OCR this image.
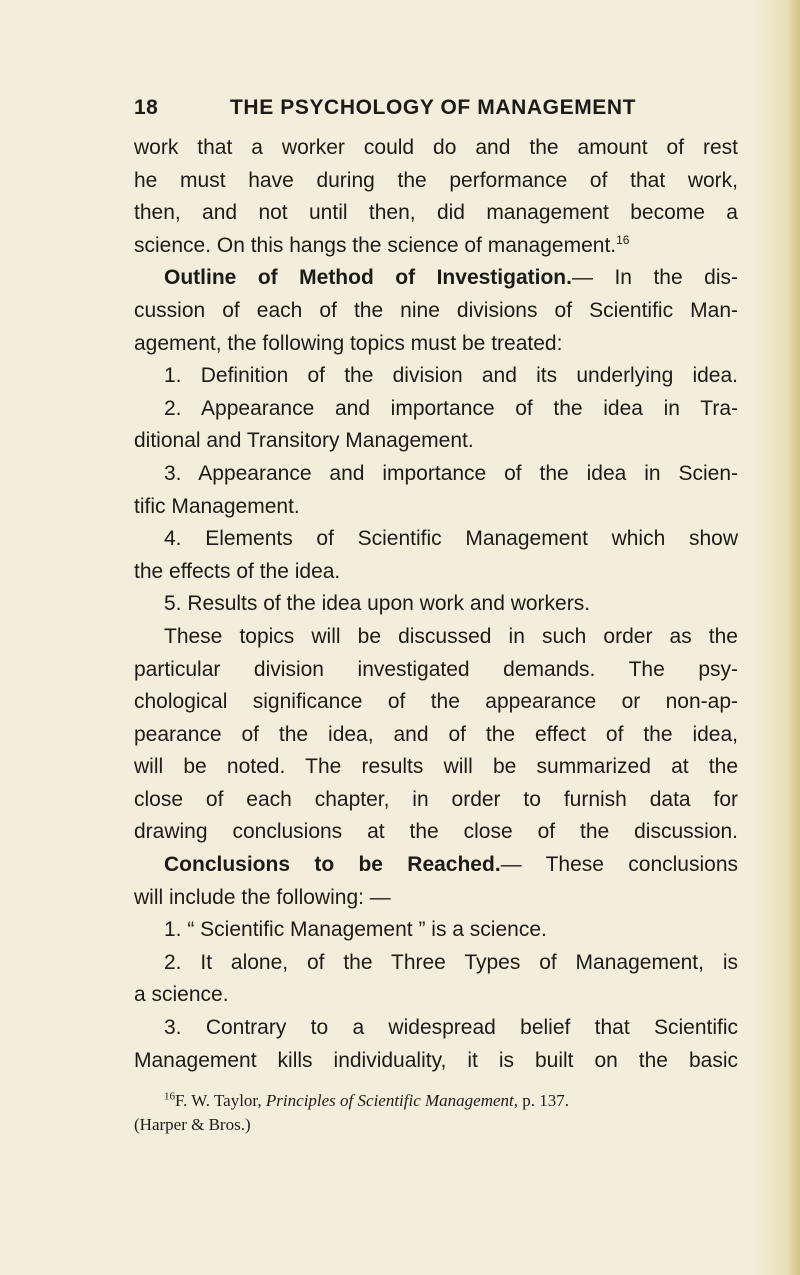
18	THE PSYCHOLOGY OF MANAGEMENT
work that a worker could do and the amount of rest
he must have during the performance of that work,
then, and not until then, did management become a
science. On this hangs the science of management.$^{16}$
Outline of Method of Investigation.— In the dis-
cussion of each of the nine divisions of Scientific Man-
agement, the following topics must be treated:
1. Definition of the division and its underlying idea.
2. Appearance and importance of the idea in Tra-
ditional and Transitory Management.
3. Appearance and importance of the idea in Scien-
tific Management.
4. Elements of Scientific Management which show
the effects of the idea.
5. Results of the idea upon work and workers.
These topics will be discussed in such order as the
particular division investigated demands. The psy-
chological significance of the appearance or non-ap-
pearance of the idea, and of the effect of the idea,
will be noted. The results will be summarized at the
close of each chapter, in order to furnish data for
drawing conclusions at the close of the discussion.
Conclusions to be Reached.— These conclusions
will include the following: —
1. “ Scientific Management ” is a science.
2. It alone, of the Three Types of Management, is
a science.
3. Contrary to a widespread belief that Scientific
Management kills individuality, it is built on the basic
$^{16}$F. W. Taylor, Principles of Scientific Management, p. 137.
(Harper & Bros.)
